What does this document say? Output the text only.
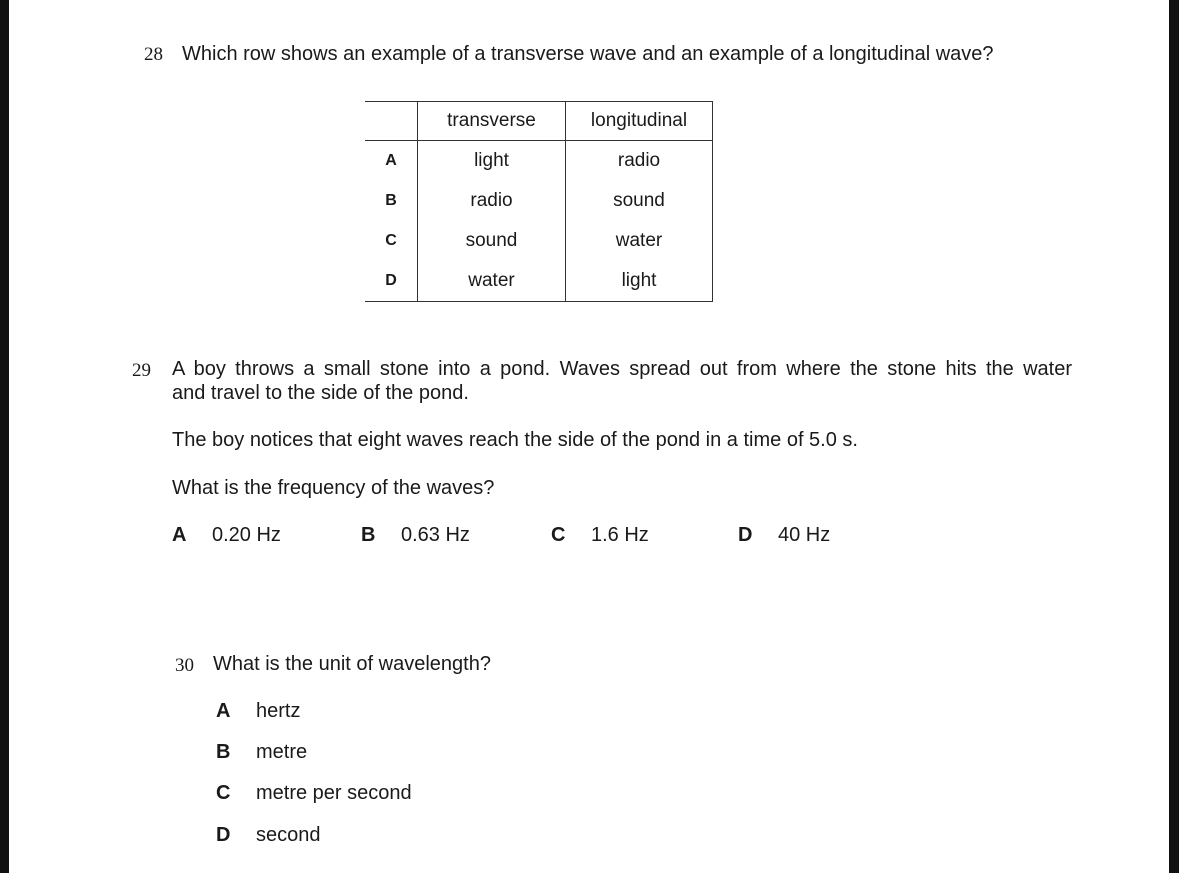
28 Which row shows an example of a transverse wave and an example of a longitudinal wave?
	transverse	longitudinal
A	light	radio
B	radio	sound
C	sound	water
D	water	light
29 A boy throws a small stone into a pond. Waves spread out from where the stone hits the water
and travel to the side of the pond.
The boy notices that eight waves reach the side of the pond in a time of 5.0 s.
What is the frequency of the waves?
A 0.20 Hz	B 0.63 Hz	C 1.6 Hz	D 40 Hz
30 What is the unit of wavelength?
A hertz
B metre
C metre per second
D second
